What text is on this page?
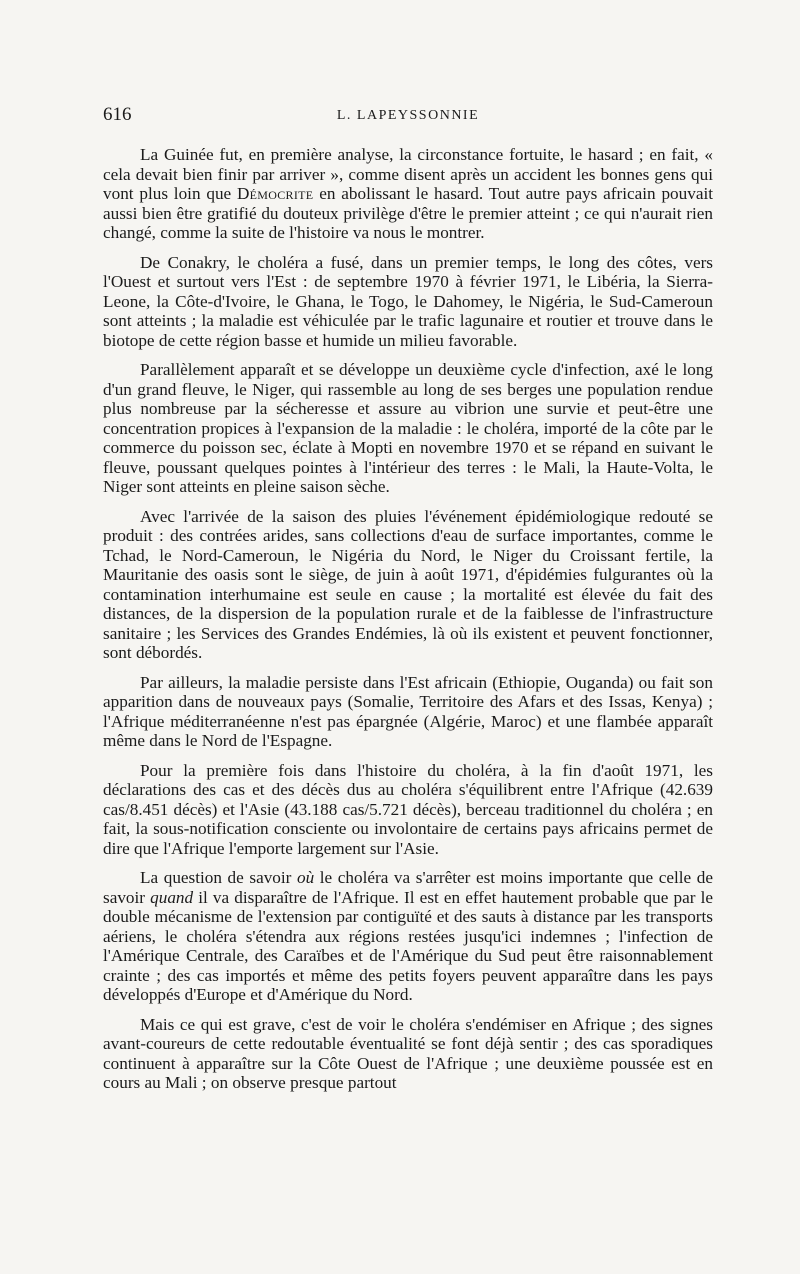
616	L. LAPEYSSONNIE

La Guinée fut, en première analyse, la circonstance fortuite, le hasard ; en fait, « cela devait bien finir par arriver », comme disent après un accident les bonnes gens qui vont plus loin que Démocrite en abolissant le hasard. Tout autre pays africain pouvait aussi bien être gratifié du douteux privilège d'être le premier atteint ; ce qui n'aurait rien changé, comme la suite de l'histoire va nous le montrer.

De Conakry, le choléra a fusé, dans un premier temps, le long des côtes, vers l'Ouest et surtout vers l'Est : de septembre 1970 à février 1971, le Libéria, la Sierra-Leone, la Côte-d'Ivoire, le Ghana, le Togo, le Dahomey, le Nigéria, le Sud-Cameroun sont atteints ; la maladie est véhiculée par le trafic lagunaire et routier et trouve dans le biotope de cette région basse et humide un milieu favorable.

Parallèlement apparaît et se développe un deuxième cycle d'infection, axé le long d'un grand fleuve, le Niger, qui rassemble au long de ses berges une population rendue plus nombreuse par la sécheresse et assure au vibrion une survie et peut-être une concentration propices à l'expansion de la maladie : le choléra, importé de la côte par le commerce du poisson sec, éclate à Mopti en novembre 1970 et se répand en suivant le fleuve, poussant quelques pointes à l'intérieur des terres : le Mali, la Haute-Volta, le Niger sont atteints en pleine saison sèche.

Avec l'arrivée de la saison des pluies l'événement épidémiologique redouté se produit : des contrées arides, sans collections d'eau de surface importantes, comme le Tchad, le Nord-Cameroun, le Nigéria du Nord, le Niger du Croissant fertile, la Mauritanie des oasis sont le siège, de juin à août 1971, d'épidémies fulgurantes où la contamination interhumaine est seule en cause ; la mortalité est élevée du fait des distances, de la dispersion de la population rurale et de la faiblesse de l'infrastructure sanitaire ; les Services des Grandes Endémies, là où ils existent et peuvent fonctionner, sont débordés.

Par ailleurs, la maladie persiste dans l'Est africain (Ethiopie, Ouganda) ou fait son apparition dans de nouveaux pays (Somalie, Territoire des Afars et des Issas, Kenya) ; l'Afrique méditerranéenne n'est pas épargnée (Algérie, Maroc) et une flambée apparaît même dans le Nord de l'Espagne.

Pour la première fois dans l'histoire du choléra, à la fin d'août 1971, les déclarations des cas et des décès dus au choléra s'équilibrent entre l'Afrique (42.639 cas/8.451 décès) et l'Asie (43.188 cas/5.721 décès), berceau traditionnel du choléra ; en fait, la sous-notification consciente ou involontaire de certains pays africains permet de dire que l'Afrique l'emporte largement sur l'Asie.

La question de savoir où le choléra va s'arrêter est moins importante que celle de savoir quand il va disparaître de l'Afrique. Il est en effet hautement probable que par le double mécanisme de l'extension par contiguïté et des sauts à distance par les transports aériens, le choléra s'étendra aux régions restées jusqu'ici indemnes ; l'infection de l'Amérique Centrale, des Caraïbes et de l'Amérique du Sud peut être raisonnablement crainte ; des cas importés et même des petits foyers peuvent apparaître dans les pays développés d'Europe et d'Amérique du Nord.

Mais ce qui est grave, c'est de voir le choléra s'endémiser en Afrique ; des signes avant-coureurs de cette redoutable éventualité se font déjà sentir ; des cas sporadiques continuent à apparaître sur la Côte Ouest de l'Afrique ; une deuxième poussée est en cours au Mali ; on observe presque partout
